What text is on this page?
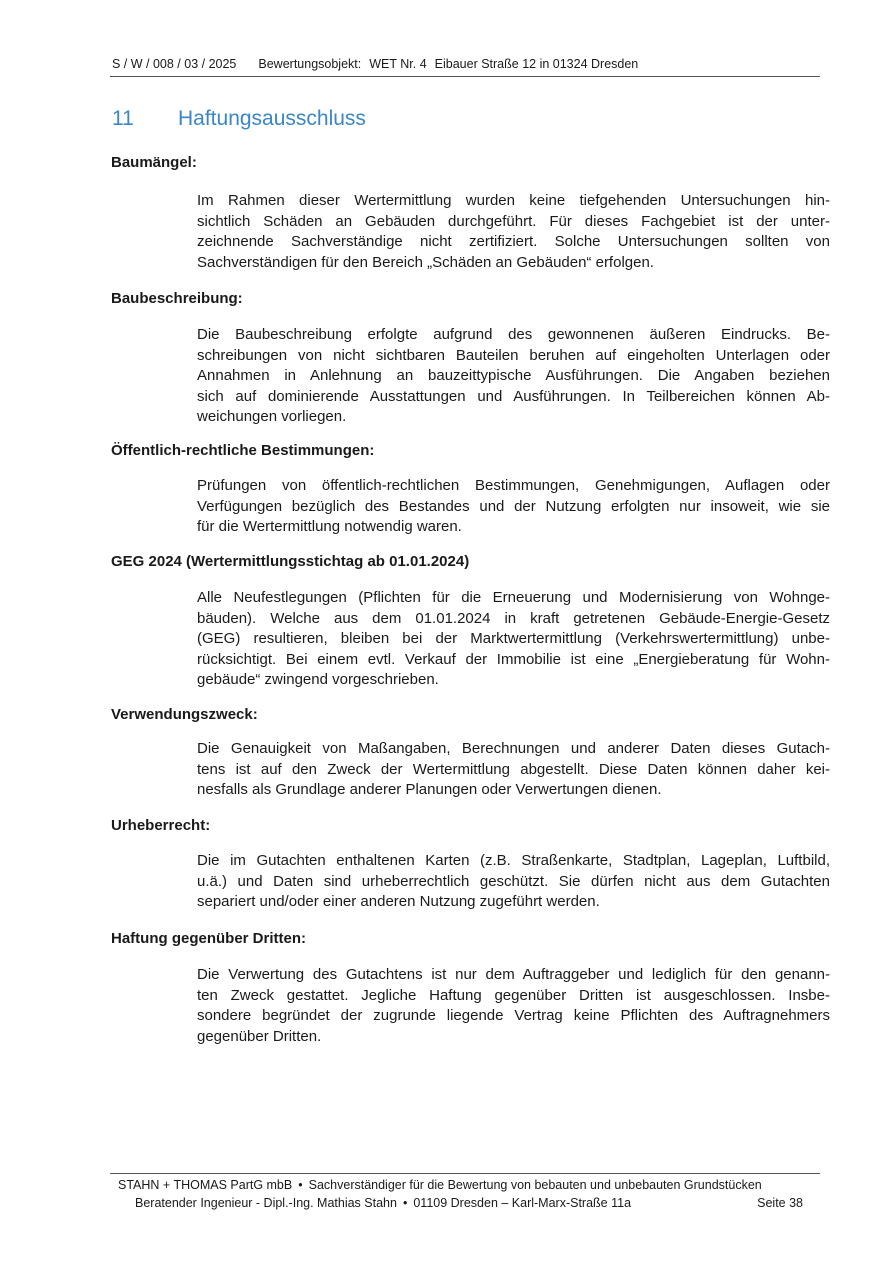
S / W / 008 / 03 / 2025 Bewertungsobjekt: WET Nr. 4 Eibauer Straße 12 in 01324 Dresden
11 Haftungsausschluss
Baumängel:
Im Rahmen dieser Wertermittlung wurden keine tiefgehenden Untersuchungen hin-
sichtlich Schäden an Gebäuden durchgeführt. Für dieses Fachgebiet ist der unter-
zeichnende Sachverständige nicht zertifiziert. Solche Untersuchungen sollten von
Sachverständigen für den Bereich „Schäden an Gebäuden“ erfolgen.
Baubeschreibung:
Die Baubeschreibung erfolgte aufgrund des gewonnenen äußeren Eindrucks. Be-
schreibungen von nicht sichtbaren Bauteilen beruhen auf eingeholten Unterlagen oder
Annahmen in Anlehnung an bauzeittypische Ausführungen. Die Angaben beziehen
sich auf dominierende Ausstattungen und Ausführungen. In Teilbereichen können Ab-
weichungen vorliegen.
Öffentlich-rechtliche Bestimmungen:
Prüfungen von öffentlich-rechtlichen Bestimmungen, Genehmigungen, Auflagen oder
Verfügungen bezüglich des Bestandes und der Nutzung erfolgten nur insoweit, wie sie
für die Wertermittlung notwendig waren.
GEG 2024 (Wertermittlungsstichtag ab 01.01.2024)
Alle Neufestlegungen (Pflichten für die Erneuerung und Modernisierung von Wohnge-
bäuden). Welche aus dem 01.01.2024 in kraft getretenen Gebäude-Energie-Gesetz
(GEG) resultieren, bleiben bei der Marktwertermittlung (Verkehrswertermittlung) unbe-
rücksichtigt. Bei einem evtl. Verkauf der Immobilie ist eine „Energieberatung für Wohn-
gebäude“ zwingend vorgeschrieben.
Verwendungszweck:
Die Genauigkeit von Maßangaben, Berechnungen und anderer Daten dieses Gutach-
tens ist auf den Zweck der Wertermittlung abgestellt. Diese Daten können daher kei-
nesfalls als Grundlage anderer Planungen oder Verwertungen dienen.
Urheberrecht:
Die im Gutachten enthaltenen Karten (z.B. Straßenkarte, Stadtplan, Lageplan, Luftbild,
u.ä.) und Daten sind urheberrechtlich geschützt. Sie dürfen nicht aus dem Gutachten
separiert und/oder einer anderen Nutzung zugeführt werden.
Haftung gegenüber Dritten:
Die Verwertung des Gutachtens ist nur dem Auftraggeber und lediglich für den genann-
ten Zweck gestattet. Jegliche Haftung gegenüber Dritten ist ausgeschlossen. Insbe-
sondere begründet der zugrunde liegende Vertrag keine Pflichten des Auftragnehmers
gegenüber Dritten.
STAHN + THOMAS PartG mbB • Sachverständiger für die Bewertung von bebauten und unbebauten Grundstücken
Beratender Ingenieur - Dipl.-Ing. Mathias Stahn • 01109 Dresden – Karl-Marx-Straße 11a	Seite 38
